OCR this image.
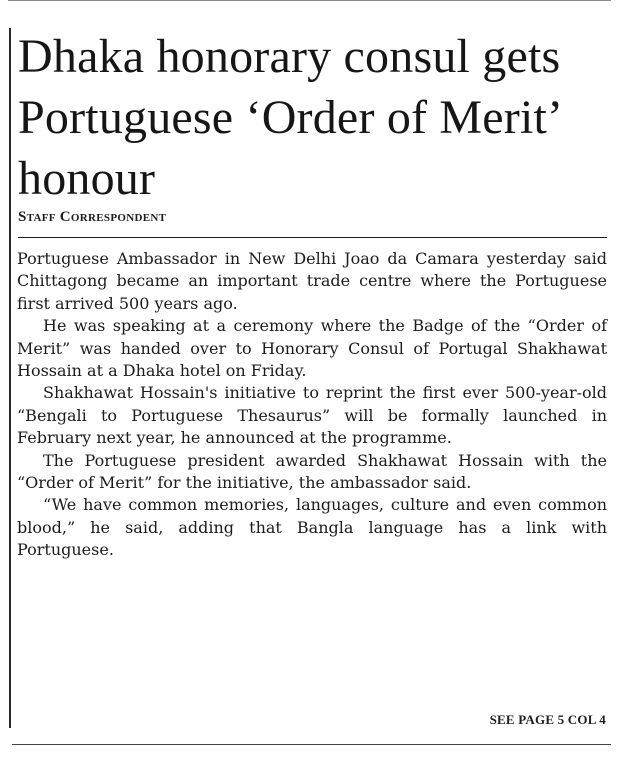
Dhaka honorary consul gets Portuguese ‘Order of Merit’ honour
Staff Correspondent

Portuguese Ambassador in New Delhi Joao da Camara yesterday said Chittagong became an important trade centre where the Portuguese first arrived 500 years ago.

He was speaking at a ceremony where the Badge of the “Order of Merit” was handed over to Honorary Consul of Portugal Shakhawat Hossain at a Dhaka hotel on Friday.

Shakhawat Hossain's initiative to reprint the first ever 500-year-old “Bengali to Portuguese Thesaurus” will be formally launched in February next year, he announced at the programme.

The Portuguese president awarded Shakhawat Hossain with the “Order of Merit” for the initiative, the ambassador said.

“We have common memories, languages, culture and even common blood,” he said, adding that Bangla language has a link with Portuguese.

SEE PAGE 5 COL 4
